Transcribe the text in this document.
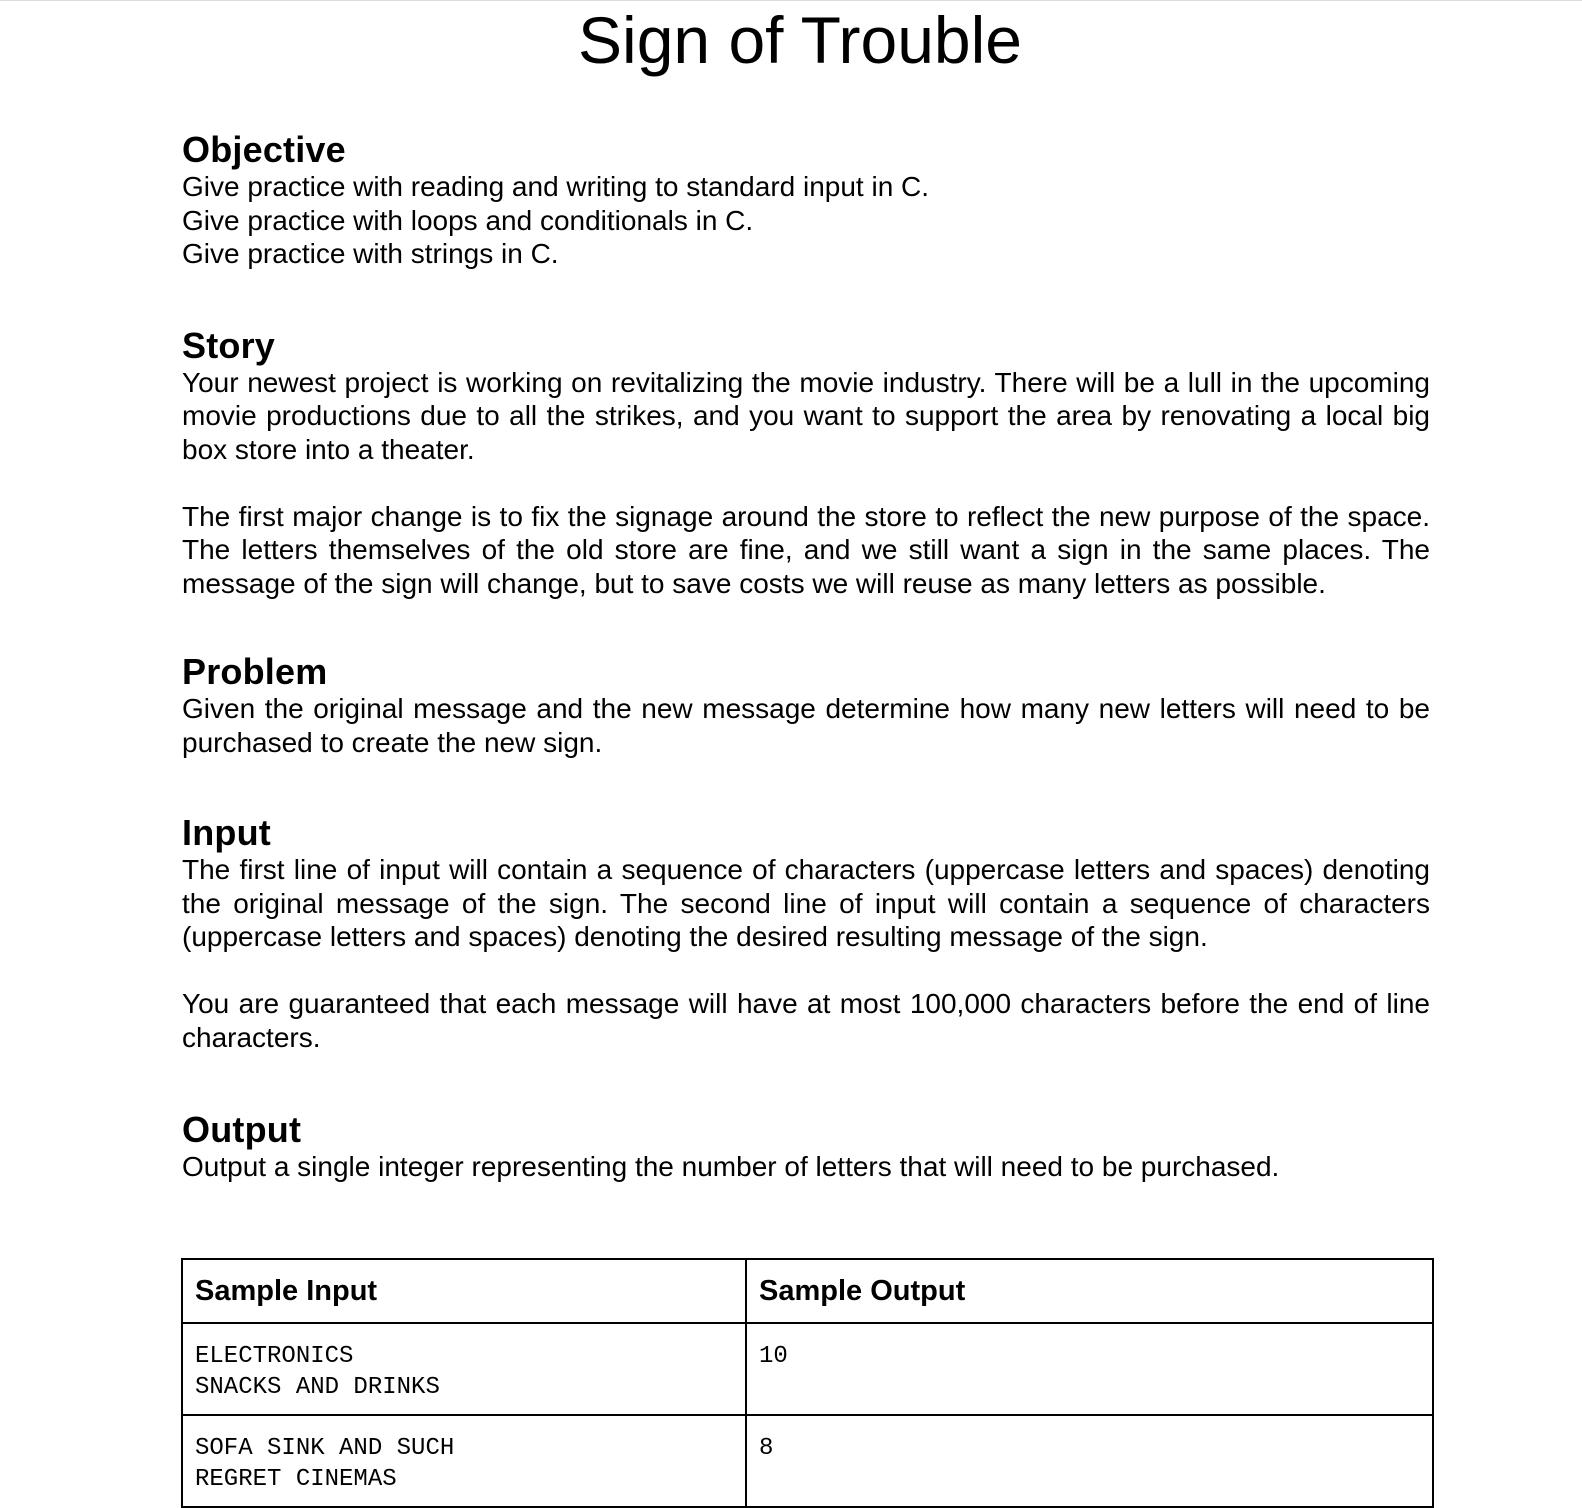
Sign of Trouble
Objective

Give practice with reading and writing to standard input in C.

Give practice with loops and conditionals in C.

Give practice with strings in C.

Story

Your newest project is working on revitalizing the movie industry. There will be a lull in the upcoming movie productions due to all the strikes, and you want to support the area by renovating a local big box store into a theater.

The first major change is to fix the signage around the store to reflect the new purpose of the space. The letters themselves of the old store are fine, and we still want a sign in the same places. The message of the sign will change, but to save costs we will reuse as many letters as possible.

Problem

Given the original message and the new message determine how many new letters will need to be purchased to create the new sign.

Input

The first line of input will contain a sequence of characters (uppercase letters and spaces) denoting the original message of the sign. The second line of input will contain a sequence of characters (uppercase letters and spaces) denoting the desired resulting message of the sign.

You are guaranteed that each message will have at most 100,000 characters before the end of line characters.

Output

Output a single integer representing the number of letters that will need to be purchased.

Sample Input	Sample Output

ELECTRONICS
SNACKS AND DRINKS	10

SOFA SINK AND SUCH
REGRET CINEMAS	8
